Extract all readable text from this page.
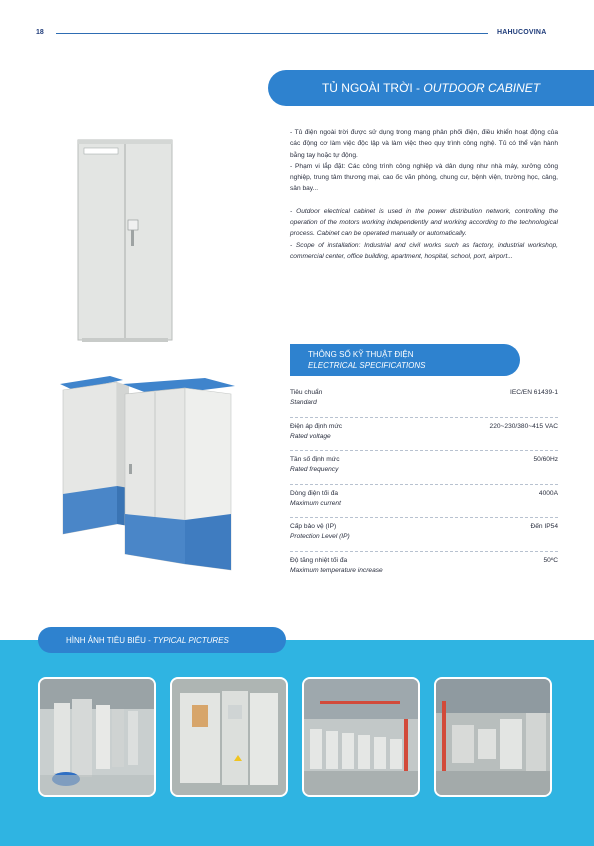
18	HAHUCOVINA
TỦ NGOÀI TRỜI - OUTDOOR CABINET

- Tủ điện ngoài trời được sử dụng trong mạng phân phối điện, điều khiển hoạt động của các động cơ làm việc độc lập và làm việc theo quy trình công nghệ. Tủ có thể vận hành bằng tay hoặc tự động.

- Phạm vi lắp đặt: Các công trình công nghiệp và dân dụng như nhà máy, xưởng công nghiệp, trung tâm thương mại, cao ốc văn phòng, chung cư, bệnh viện, trường học, cảng, sân bay...

- Outdoor electrical cabinet is used in the power distribution network, controlling the operation of the motors working independently and working according to the technological process. Cabinet can be operated manually or automatically.

- Scope of installation: Industrial and civil works such as factory, industrial workshop, commercial center, office building, apartment, hospital, school, port, airport...

THÔNG SỐ KỸ THUẬT ĐIỆN
ELECTRICAL SPECIFICATIONS
Tiêu chuẩn
Standard
IEC/EN 61439-1
Điện áp định mức
Rated voltage
220~230/380~415 VAC
Tần số định mức
Rated frequency
50/60Hz
Dòng điện tối đa
Maximum current
4000A
Cấp bảo vệ (IP)
Protection Level (IP)
Đến IP54
Độ tăng nhiệt tối đa
Maximum temperature increase
50ºC
HÌNH ẢNH TIÊU BIỂU - TYPICAL PICTURES
